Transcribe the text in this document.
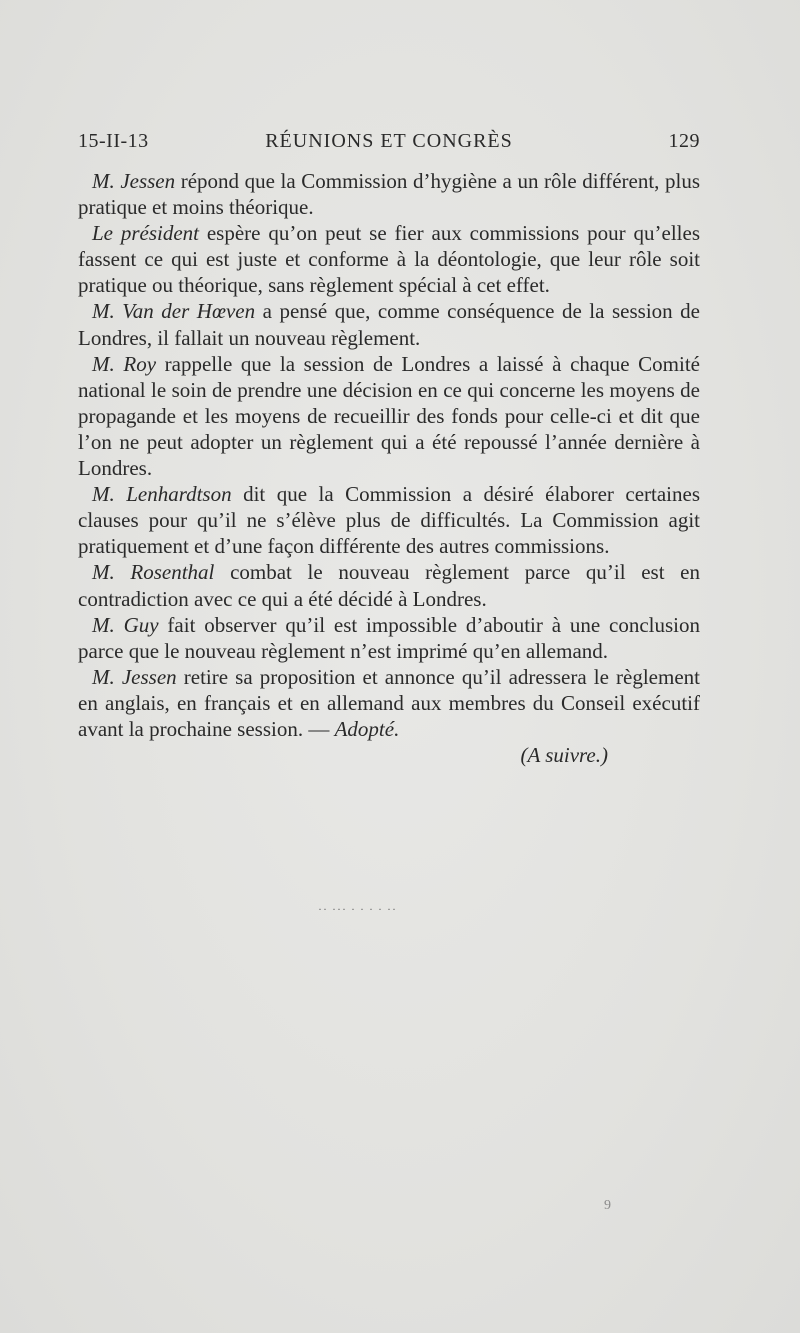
15-II-13	RÉUNIONS ET CONGRÈS	129

M. Jessen répond que la Commission d’hygiène a un rôle différent, plus pratique et moins théorique.

Le président espère qu’on peut se fier aux commissions pour qu’elles fassent ce qui est juste et conforme à la déontologie, que leur rôle soit pratique ou théorique, sans règlement spécial à cet effet.

M. Van der Hœven a pensé que, comme conséquence de la session de Londres, il fallait un nouveau règlement.

M. Roy rappelle que la session de Londres a laissé à chaque Comité national le soin de prendre une décision en ce qui concerne les moyens de propagande et les moyens de recueillir des fonds pour celle-ci et dit que l’on ne peut adopter un règlement qui a été repoussé l’année dernière à Londres.

M. Lenhardtson dit que la Commission a désiré élaborer certaines clauses pour qu’il ne s’élève plus de difficultés. La Commission agit pratiquement et d’une façon différente des autres commissions.

M. Rosenthal combat le nouveau règlement parce qu’il est en contradiction avec ce qui a été décidé à Londres.

M. Guy fait observer qu’il est impossible d’aboutir à une conclusion parce que le nouveau règlement n’est imprimé qu’en allemand.

M. Jessen retire sa proposition et annonce qu’il adressera le règlement en anglais, en français et en allemand aux membres du Conseil exécutif avant la prochaine session. — Adopté.

(A suivre.)

·· ··· · · · · ··
9
